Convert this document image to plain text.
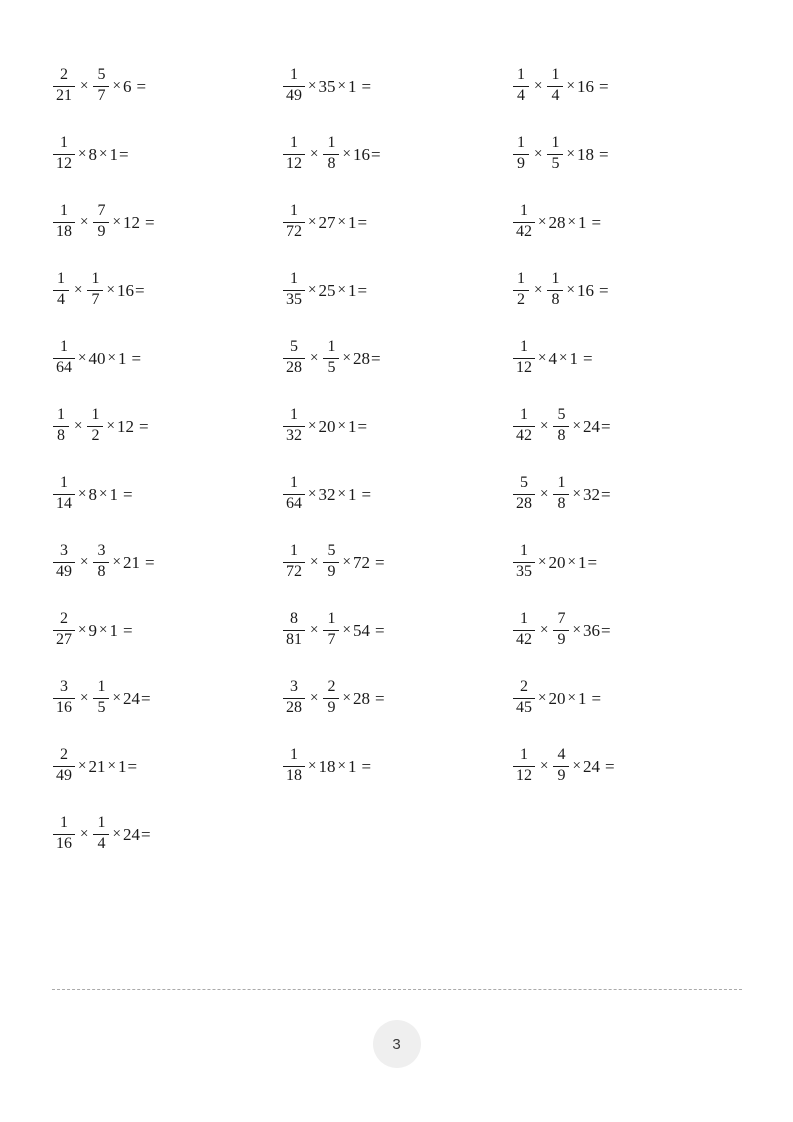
$\frac{2}{21} \times \frac{5}{7} \times 6$ =	$\frac{1}{49} \times 35 \times 1$ =	$\frac{1}{4} \times \frac{1}{4} \times 16$ =
$\frac{1}{12} \times 8 \times 1$ =	$\frac{1}{12} \times \frac{1}{8} \times 16$ =	$\frac{1}{9} \times \frac{1}{5} \times 18$ =
$\frac{1}{18} \times \frac{7}{9} \times 12$ =	$\frac{1}{72} \times 27 \times 1$ =	$\frac{1}{42} \times 28 \times 1$ =
$\frac{1}{4} \times \frac{1}{7} \times 16$ =	$\frac{1}{35} \times 25 \times 1$ =	$\frac{1}{2} \times \frac{1}{8} \times 16$ =
$\frac{1}{64} \times 40 \times 1$ =	$\frac{5}{28} \times \frac{1}{5} \times 28$ =	$\frac{1}{12} \times 4 \times 1$ =
$\frac{1}{8} \times \frac{1}{2} \times 12$ =	$\frac{1}{32} \times 20 \times 1$ =	$\frac{1}{42} \times \frac{5}{8} \times 24$ =
$\frac{1}{14} \times 8 \times 1$ =	$\frac{1}{64} \times 32 \times 1$ =	$\frac{5}{28} \times \frac{1}{8} \times 32$ =
$\frac{3}{49} \times \frac{3}{8} \times 21$ =	$\frac{1}{72} \times \frac{5}{9} \times 72$ =	$\frac{1}{35} \times 20 \times 1$ =
$\frac{2}{27} \times 9 \times 1$ =	$\frac{8}{81} \times \frac{1}{7} \times 54$ =	$\frac{1}{42} \times \frac{7}{9} \times 36$ =
$\frac{3}{16} \times \frac{1}{5} \times 24$ =	$\frac{3}{28} \times \frac{2}{9} \times 28$ =	$\frac{2}{45} \times 20 \times 1$ =
$\frac{2}{49} \times 21 \times 1$ =	$\frac{1}{18} \times 18 \times 1$ =	$\frac{1}{12} \times \frac{4}{9} \times 24$ =
$\frac{1}{16} \times \frac{1}{4} \times 24$ =
3
